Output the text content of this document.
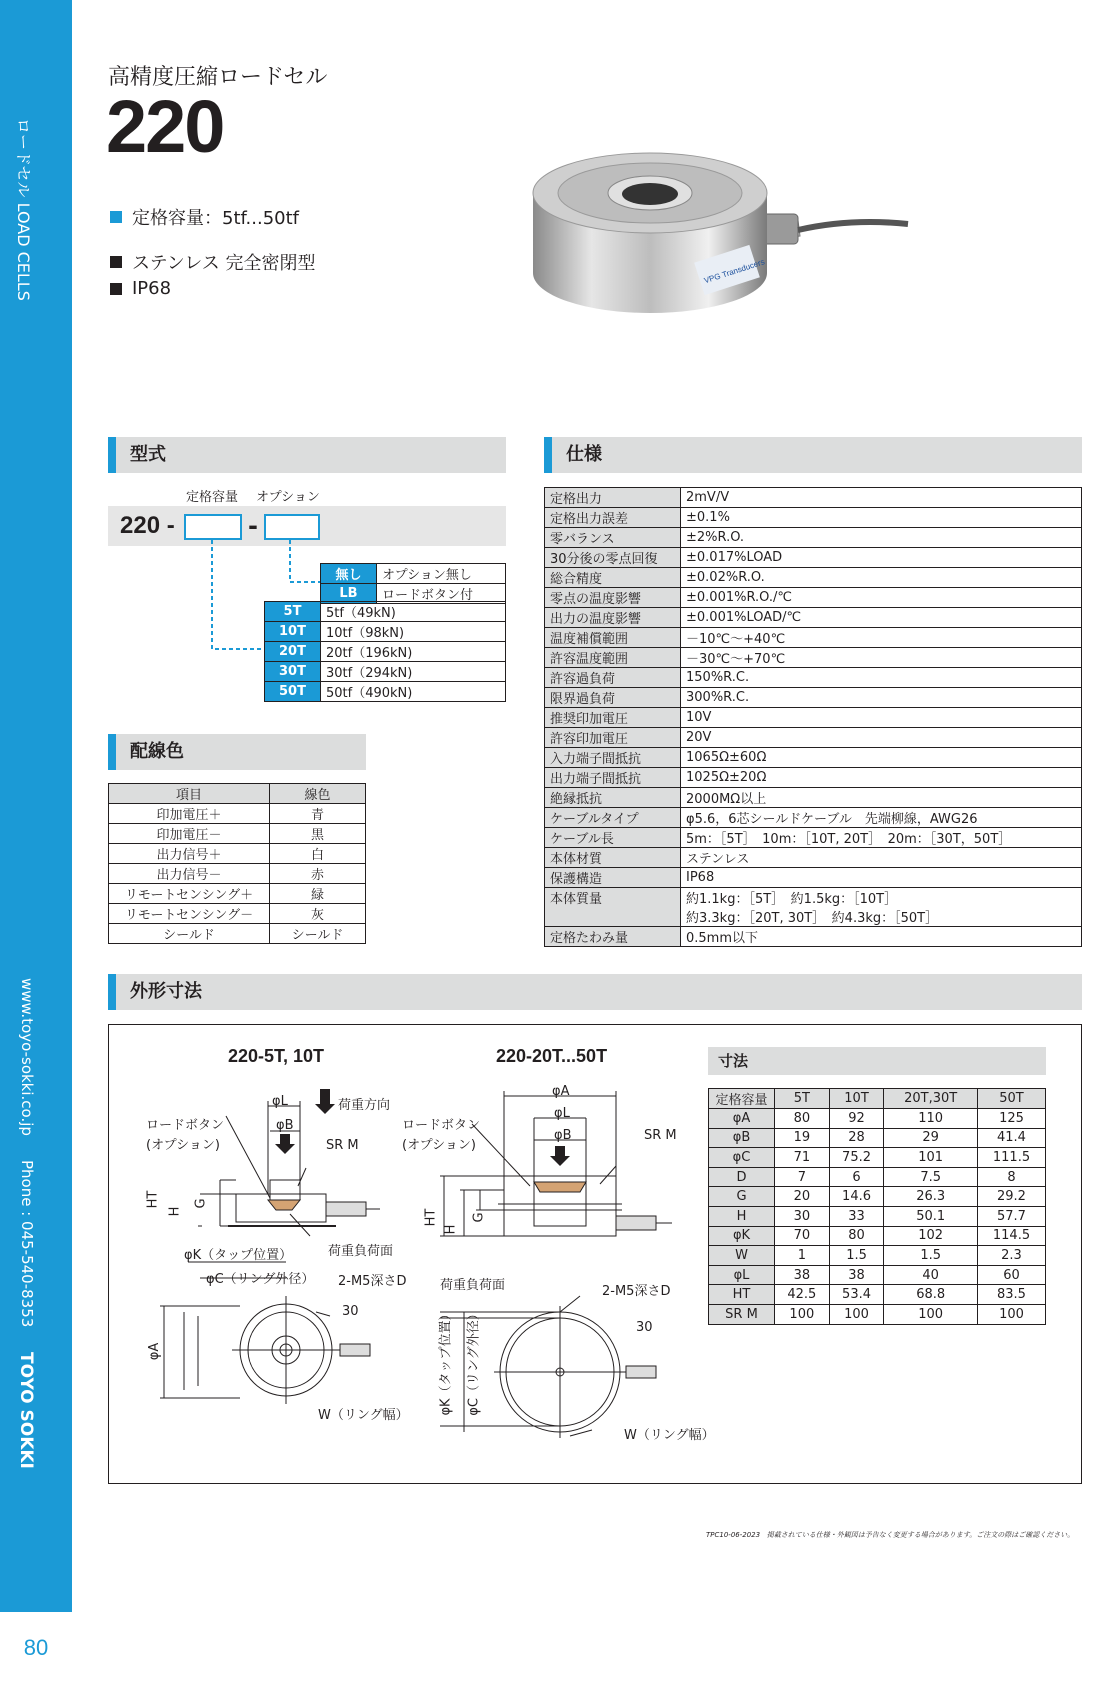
ロードセル LOAD CELLS
www.toyo-sokki.co.jp
Phone : 045-540-8353
TOYO SOKKI
80
高精度圧縮ロードセル
220
定格容量：5tf...50tf
ステンレス 完全密閉型
IP68
VPG Transducers
型式
定格容量 オプション
220 -	-
無し	オプション無し
LB	ロードボタン付
5T	5tf（49kN)
10T	10tf（98kN)
20T	20tf（196kN)
30T	30tf（294kN)
50T	50tf（490kN)
配線色
項目	線色
印加電圧＋	青
印加電圧－	黒
出力信号＋	白
出力信号－	赤
リモートセンシング＋	緑
リモートセンシング－	灰
シールド	シールド
仕様
定格出力	2mV/V
定格出力誤差	±0.1%
零バランス	±2%R.O.
30分後の零点回復	±0.017%LOAD
総合精度	±0.02%R.O.
零点の温度影響	±0.001%R.O./℃
出力の温度影響	±0.001%LOAD/℃
温度補償範囲	－10℃～+40℃
許容温度範囲	－30℃～+70℃
許容過負荷	150%R.C.
限界過負荷	300%R.C.
推奨印加電圧	10V
許容印加電圧	20V
入力端子間抵抗	1065Ω±60Ω
出力端子間抵抗	1025Ω±20Ω
絶縁抵抗	2000MΩ以上
ケーブルタイプ	φ5.6，6芯シールドケーブル　先端柳線，AWG26
ケーブル長	5m：［5T］　10m：［10T, 20T］　20m：［30T，50T］
本体材質	ステンレス
保護構造	IP68
本体質量	約1.1kg：［5T］　約1.5kg：［10T］
	約3.3kg：［20T, 30T］　約4.3kg：［50T］
定格たわみ量	0.5mm以下
外形寸法
220-5T, 10T	220-20T...50T
φL	荷重方向
ロードボタン
(オプション)
φB
SR M
HT
H
G
荷重負荷面
φK（タップ位置）
φC（リング外径） 2-M5深さD
30
φA
W（リング幅）
φA
φL
φB
ロードボタン
(オプション)
SR M
HT
H
G
荷重負荷面	2-M5深さD
30
φK（タップ位置）	φC（リング外径）
W（リング幅）
寸法
定格容量	5T	10T	20T,30T	50T
φA	80	92	110	125
φB	19	28	29	41.4
φC	71	75.2	101	111.5
D	7	6	7.5	8
G	20	14.6	26.3	29.2
H	30	33	50.1	57.7
φK	70	80	102	114.5
W	1	1.5	1.5	2.3
φL	38	38	40	60
HT	42.5	53.4	68.8	83.5
SR M	100	100	100	100
TPC10-06-2023 掲載されている仕様・外観図は予告なく変更する場合があります。ご注文の際はご確認ください。
